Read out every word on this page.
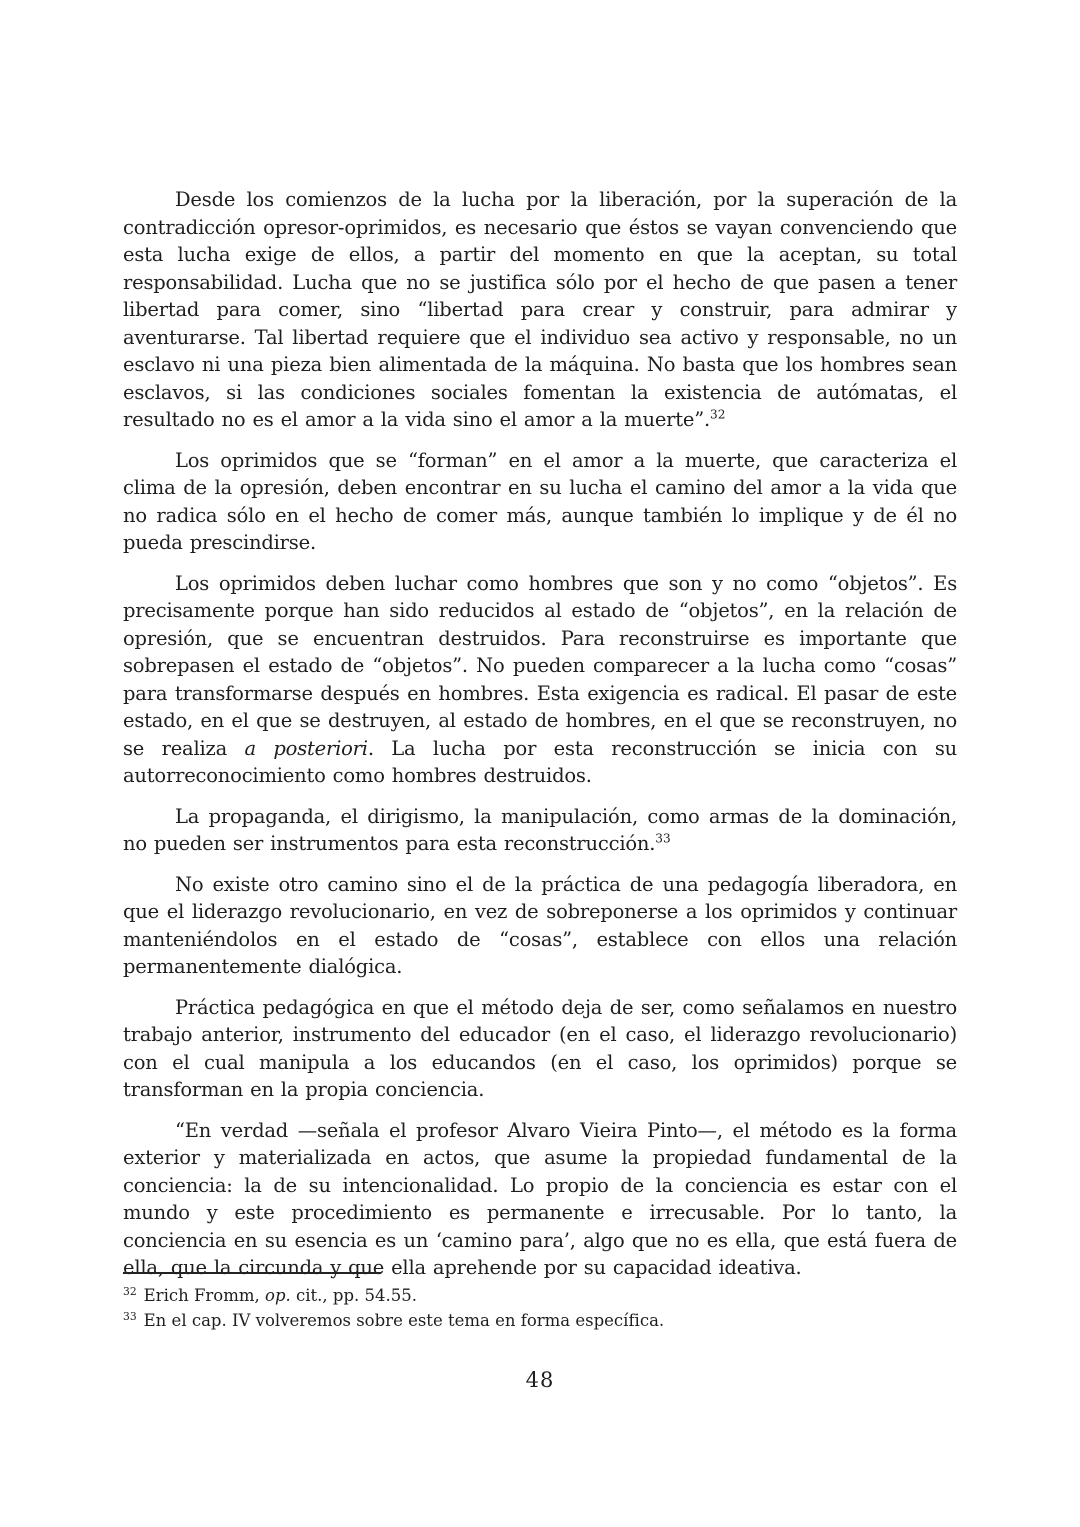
Desde los comienzos de la lucha por la liberación, por la superación de la contradicción opresor-oprimidos, es necesario que éstos se vayan convenciendo que esta lucha exige de ellos, a partir del momento en que la aceptan, su total responsabilidad. Lucha que no se justifica sólo por el hecho de que pasen a tener libertad para comer, sino “libertad para crear y construir, para admirar y aventurarse. Tal libertad requiere que el individuo sea activo y responsable, no un esclavo ni una pieza bien alimentada de la máquina. No basta que los hombres sean esclavos, si las condiciones sociales fomentan la existencia de autómatas, el resultado no es el amor a la vida sino el amor a la muerte”.$^{32}$

Los oprimidos que se “forman” en el amor a la muerte, que caracteriza el clima de la opresión, deben encontrar en su lucha el camino del amor a la vida que no radica sólo en el hecho de comer más, aunque también lo implique y de él no pueda prescindirse.

Los oprimidos deben luchar como hombres que son y no como “objetos”. Es precisamente porque han sido reducidos al estado de “objetos”, en la relación de opresión, que se encuentran destruidos. Para reconstruirse es importante que sobrepasen el estado de “objetos”. No pueden comparecer a la lucha como “cosas” para transformarse después en hombres. Esta exigencia es radical. El pasar de este estado, en el que se destruyen, al estado de hombres, en el que se reconstruyen, no se realiza a posteriori. La lucha por esta reconstrucción se inicia con su autorreconocimiento como hombres destruidos.

La propaganda, el dirigismo, la manipulación, como armas de la dominación, no pueden ser instrumentos para esta reconstrucción.$^{33}$

No existe otro camino sino el de la práctica de una pedagogía liberadora, en que el liderazgo revolucionario, en vez de sobreponerse a los oprimidos y continuar manteniéndolos en el estado de “cosas”, establece con ellos una relación permanentemente dialógica.

Práctica pedagógica en que el método deja de ser, como señalamos en nuestro trabajo anterior, instrumento del educador (en el caso, el liderazgo revolucionario) con el cual manipula a los educandos (en el caso, los oprimidos) porque se transforman en la propia conciencia.

“En verdad —señala el profesor Alvaro Vieira Pinto—, el método es la forma exterior y materializada en actos, que asume la propiedad fundamental de la conciencia: la de su intencionalidad. Lo propio de la conciencia es estar con el mundo y este procedimiento es permanente e irrecusable. Por lo tanto, la conciencia en su esencia es un ‘camino para’, algo que no es ella, que está fuera de ella, que la circunda y que ella aprehende por su capacidad ideativa.

$^{32}$ Erich Fromm, op. cit., pp. 54.55.

$^{33}$ En el cap. IV volveremos sobre este tema en forma específica.

48
